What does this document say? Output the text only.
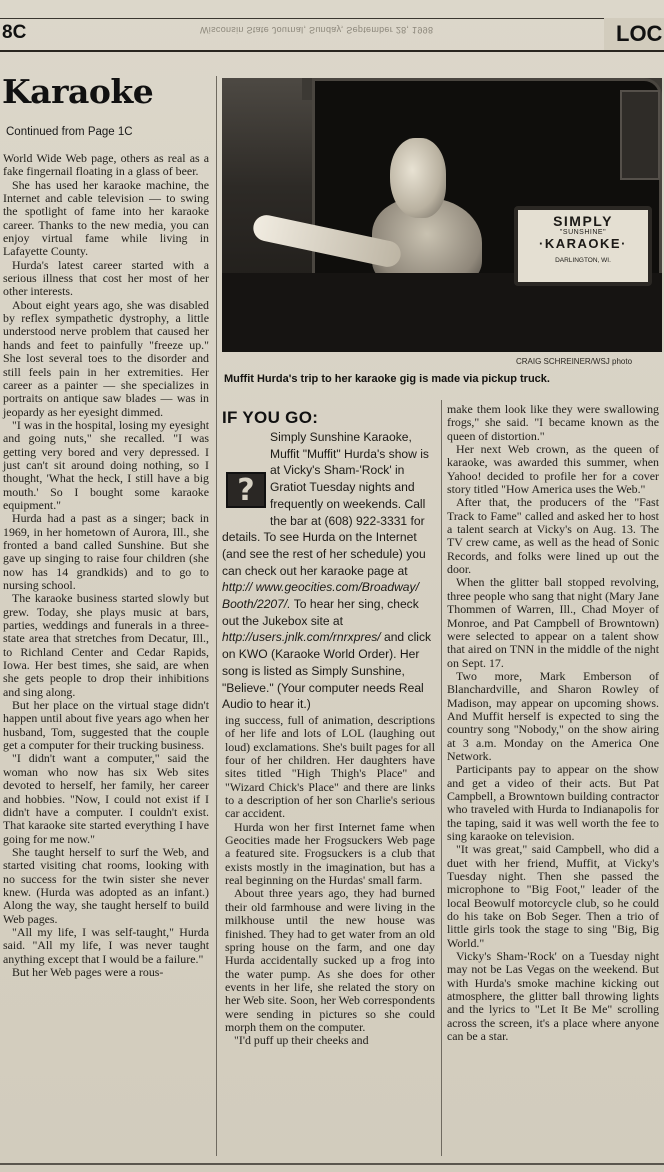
8C	Wisconsin State Journal, Sunday, September 28, 1998	LOC
Karaoke
Continued from Page 1C

World Wide Web page, others as real as a fake fingernail floating in a glass of beer.

She has used her karaoke machine, the Internet and cable television — to swing the spotlight of fame into her karaoke career. Thanks to the new media, you can enjoy virtual fame while living in Lafayette County.

Hurda's latest career started with a serious illness that cost her most of her other interests.

About eight years ago, she was disabled by reflex sympathetic dystrophy, a little understood nerve problem that caused her hands and feet to painfully "freeze up." She lost several toes to the disorder and still feels pain in her extremities. Her career as a painter — she specializes in portraits on antique saw blades — was in jeopardy as her eyesight dimmed.

"I was in the hospital, losing my eyesight and going nuts," she recalled. "I was getting very bored and very depressed. I just can't sit around doing nothing, so I thought, 'What the heck, I still have a big mouth.' So I bought some karaoke equipment."

Hurda had a past as a singer; back in 1969, in her hometown of Aurora, Ill., she fronted a band called Sunshine. But she gave up singing to raise four children (she now has 14 grandkids) and to go to nursing school.

The karaoke business started slowly but grew. Today, she plays music at bars, parties, weddings and funerals in a three-state area that stretches from Decatur, Ill., to Richland Center and Cedar Rapids, Iowa. Her best times, she said, are when she gets people to drop their inhibitions and sing along.

But her place on the virtual stage didn't happen until about five years ago when her husband, Tom, suggested that the couple get a computer for their trucking business.

"I didn't want a computer," said the woman who now has six Web sites devoted to herself, her family, her career and hobbies. "Now, I could not exist if I didn't have a computer. I couldn't exist. That karaoke site started everything I have going for me now."

She taught herself to surf the Web, and started visiting chat rooms, looking with no success for the twin sister she never knew. (Hurda was adopted as an infant.) Along the way, she taught herself to build Web pages.

"All my life, I was self-taught," Hurda said. "All my life, I was never taught anything except that I would be a failure."

But her Web pages were a rous-

SIMPLY
"SUNSHINE"
·KARAOKE·
DARLINGTON, WI.
CRAIG SCHREINER/WSJ photo
Muffit Hurda's trip to her karaoke gig is made via pickup truck.
IF YOU GO:
?
Simply Sunshine Karaoke, Muffit "Muffit" Hurda's show is at Vicky's Sham-'Rock' in Gratiot Tuesday nights and frequently on weekends. Call the bar at (608) 922-3331 for details. To see Hurda on the Internet (and see the rest of her schedule) you can check out her karaoke page at http:// www.geocities.com/Broadway/ Booth/2207/. To hear her sing, check out the Jukebox site at http://users.jnlk.com/rnrxpres/ and click on KWO (Karaoke World Order). Her song is listed as Simply Sunshine, "Believe." (Your computer needs Real Audio to hear it.)

ing success, full of animation, descriptions of her life and lots of LOL (laughing out loud) exclamations. She's built pages for all four of her children. Her daughters have sites titled "High Thigh's Place" and "Wizard Chick's Place" and there are links to a description of her son Charlie's serious car accident.

Hurda won her first Internet fame when Geocities made her Frogsuckers Web page a featured site. Frogsuckers is a club that exists mostly in the imagination, but has a real beginning on the Hurdas' small farm.

About three years ago, they had burned their old farmhouse and were living in the milkhouse until the new house was finished. They had to get water from an old spring house on the farm, and one day Hurda accidentally sucked up a frog into the water pump. As she does for other events in her life, she related the story on her Web site. Soon, her Web correspondents were sending in pictures so she could morph them on the computer.

"I'd puff up their cheeks and

make them look like they were swallowing frogs," she said. "I became known as the queen of distortion."

Her next Web crown, as the queen of karaoke, was awarded this summer, when Yahoo! decided to profile her for a cover story titled "How America uses the Web."

After that, the producers of the "Fast Track to Fame" called and asked her to host a talent search at Vicky's on Aug. 13. The TV crew came, as well as the head of Sonic Records, and folks were lined up out the door.

When the glitter ball stopped revolving, three people who sang that night (Mary Jane Thommen of Warren, Ill., Chad Moyer of Monroe, and Pat Campbell of Browntown) were selected to appear on a talent show that aired on TNN in the middle of the night on Sept. 17.

Two more, Mark Emberson of Blanchardville, and Sharon Rowley of Madison, may appear on upcoming shows. And Muffit herself is expected to sing the country song "Nobody," on the show airing at 3 a.m. Monday on the America One Network.

Participants pay to appear on the show and get a video of their acts. But Pat Campbell, a Browntown building contractor who traveled with Hurda to Indianapolis for the taping, said it was well worth the fee to sing karaoke on television.

"It was great," said Campbell, who did a duet with her friend, Muffit, at Vicky's Tuesday night. Then she passed the microphone to "Big Foot," leader of the local Beowulf motorcycle club, so he could do his take on Bob Seger. Then a trio of little girls took the stage to sing "Big, Big World."

Vicky's Sham-'Rock' on a Tuesday night may not be Las Vegas on the weekend. But with Hurda's smoke machine kicking out atmosphere, the glitter ball throwing lights and the lyrics to "Let It Be Me" scrolling across the screen, it's a place where anyone can be a star.
